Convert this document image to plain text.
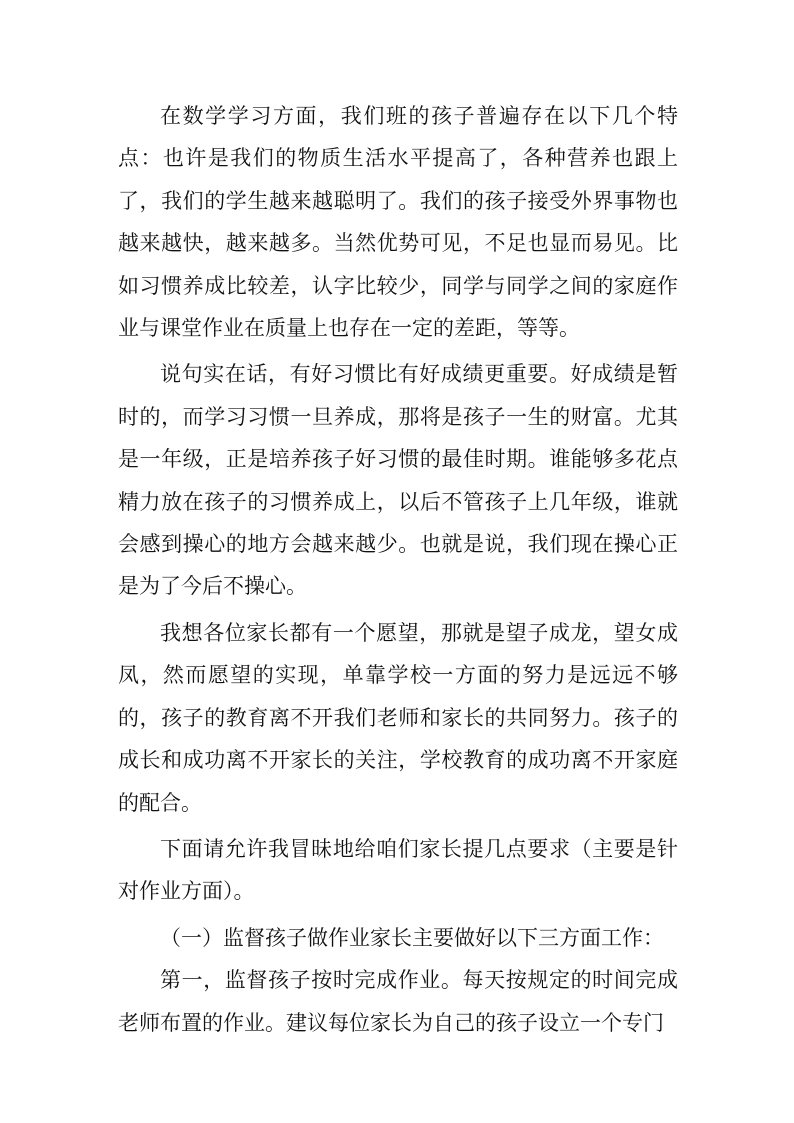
在数学学习方面，我们班的孩子普遍存在以下几个特点：也许是我们的物质生活水平提高了，各种营养也跟上了，我们的学生越来越聪明了。我们的孩子接受外界事物也越来越快，越来越多。当然优势可见，不足也显而易见。比如习惯养成比较差，认字比较少，同学与同学之间的家庭作业与课堂作业在质量上也存在一定的差距，等等。

说句实在话，有好习惯比有好成绩更重要。好成绩是暂时的，而学习习惯一旦养成，那将是孩子一生的财富。尤其是一年级，正是培养孩子好习惯的最佳时期。谁能够多花点精力放在孩子的习惯养成上，以后不管孩子上几年级，谁就会感到操心的地方会越来越少。也就是说，我们现在操心正是为了今后不操心。

我想各位家长都有一个愿望，那就是望子成龙，望女成凤，然而愿望的实现，单靠学校一方面的努力是远远不够的，孩子的教育离不开我们老师和家长的共同努力。孩子的成长和成功离不开家长的关注，学校教育的成功离不开家庭的配合。

下面请允许我冒昧地给咱们家长提几点要求（主要是针对作业方面）。

（一）监督孩子做作业家长主要做好以下三方面工作：

第一，监督孩子按时完成作业。每天按规定的时间完成老师布置的作业。建议每位家长为自己的孩子设立一个专门
